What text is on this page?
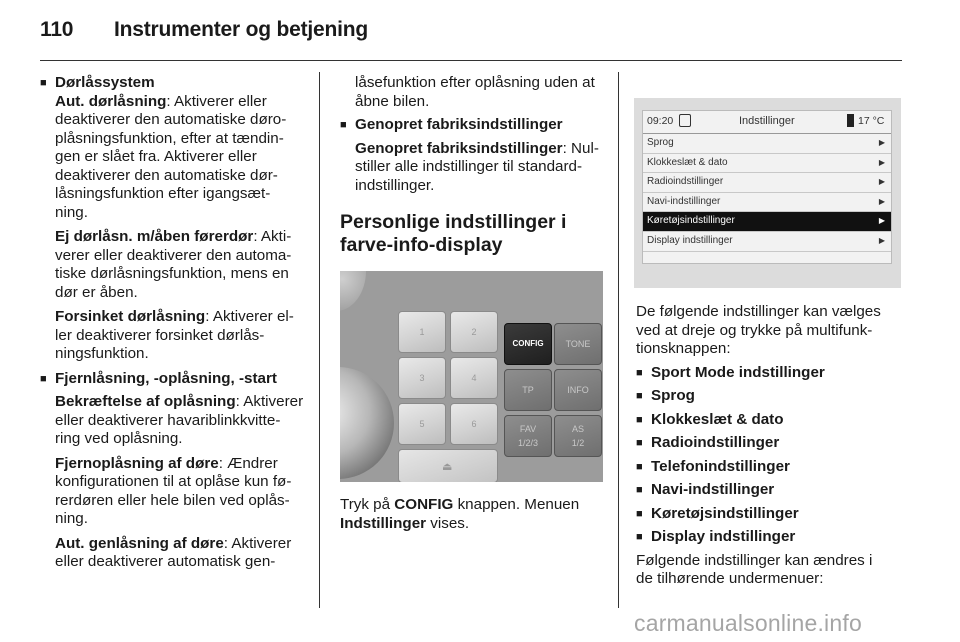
110 Instrumenter og betjening

■ Dørlåssystem

Aut. dørlåsning: Aktiverer eller
deaktiverer den automatiske døro-
plåsningsfunktion, efter at tændin-
gen er slået fra. Aktiverer eller
deaktiverer den automatiske dør-
låsningsfunktion efter igangsæt-
ning.

Ej dørlåsn. m/åben førerdør: Akti-
verer eller deaktiverer den automa-
tiske dørlåsningsfunktion, mens en
dør er åben.

Forsinket dørlåsning: Aktiverer el-
ler deaktiverer forsinket dørlås-
ningsfunktion.

■ Fjernlåsning, -oplåsning, -start

Bekræftelse af oplåsning: Aktiverer
eller deaktiverer havariblinkkvitte-
ring ved oplåsning.

Fjernoplåsning af døre: Ændrer
konfigurationen til at oplåse kun fø-
rerdøren eller hele bilen ved oplås-
ning.

Aut. genlåsning af døre: Aktiverer
eller deaktiverer automatisk gen-

låsefunktion efter oplåsning uden at
åbne bilen.

■ Genopret fabriksindstillinger

Genopret fabriksindstillinger: Nul-
stiller alle indstillinger til standard-
indstillinger.

Personlige indstillinger i
farve-info-display

1	2
3	4
5	6
CONFIG	TONE
TP	INFO
FAV
1/2/3
AS
1/2
⏏

Tryk på CONFIG knappen. Menuen
Indstillinger vises.

09:20	Indstillinger	17 °C
Sprog	▶
Klokkeslæt & dato	▶
Radioindstillinger	▶
Navi-indstillinger	▶
Køretøjsindstillinger	▶
Display indstillinger	▶

De følgende indstillinger kan vælges
ved at dreje og trykke på multifunk-
tionsknappen:

■ Sport Mode indstillinger

■ Sprog

■ Klokkeslæt & dato

■ Radioindstillinger

■ Telefonindstillinger

■ Navi-indstillinger

■ Køretøjsindstillinger

■ Display indstillinger

Følgende indstillinger kan ændres i
de tilhørende undermenuer:

carmanualsonline.info
